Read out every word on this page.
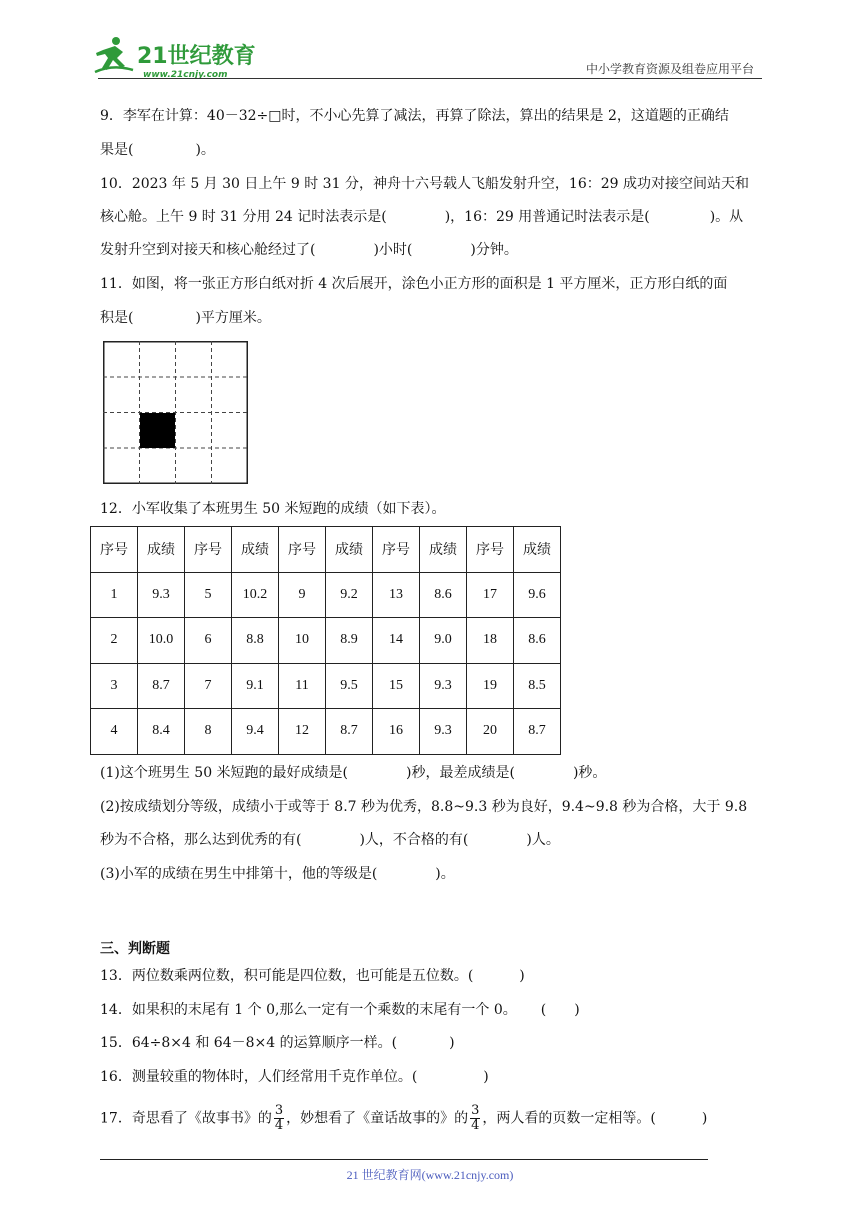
21世纪教育
www.21cnjy.com	中小学教育资源及组卷应用平台
9．李军在计算：40－32÷□时，不小心先算了减法，再算了除法，算出的结果是 2，这道题的正确结
果是(	)。
10．2023 年 5 月 30 日上午 9 时 31 分，神舟十六号载人飞船发射升空，16：29 成功对接空间站天和
核心舱。上午 9 时 31 分用 24 记时法表示是(	)，16：29 用普通记时法表示是(	)。从
发射升空到对接天和核心舱经过了(	)小时(	)分钟。
11．如图，将一张正方形白纸对折 4 次后展开，涂色小正方形的面积是 1 平方厘米，正方形白纸的面
积是(	)平方厘米。
12．小军收集了本班男生 50 米短跑的成绩（如下表）。
序号	成绩	序号	成绩	序号	成绩	序号	成绩	序号	成绩
1	9.3	5	10.2	9	9.2	13	8.6	17	9.6
2	10.0	6	8.8	10	8.9	14	9.0	18	8.6
3	8.7	7	9.1	11	9.5	15	9.3	19	8.5
4	8.4	8	9.4	12	8.7	16	9.3	20	8.7
(1)这个班男生 50 米短跑的最好成绩是(	)秒，最差成绩是(	)秒。
(2)按成绩划分等级，成绩小于或等于 8.7 秒为优秀，8.8~9.3 秒为良好，9.4~9.8 秒为合格，大于 9.8
秒为不合格，那么达到优秀的有(	)人，不合格的有(	)人。
(3)小军的成绩在男生中排第十，他的等级是(	)。
三、判断题
13．两位数乘两位数，积可能是四位数，也可能是五位数。(	)
14．如果积的末尾有 1 个 0,那么一定有一个乘数的末尾有一个 0。 ( )
15．64÷8×4 和 64－8×4 的运算顺序一样。(	)
16．测量较重的物体时，人们经常用千克作单位。(	)
17．奇思看了《故事书》的 $\frac{3}{4}$ ，妙想看了《童话故事的》的 $\frac{3}{4}$ ，两人看的页数一定相等。(	)
21 世纪教育网(www.21cnjy.com)
